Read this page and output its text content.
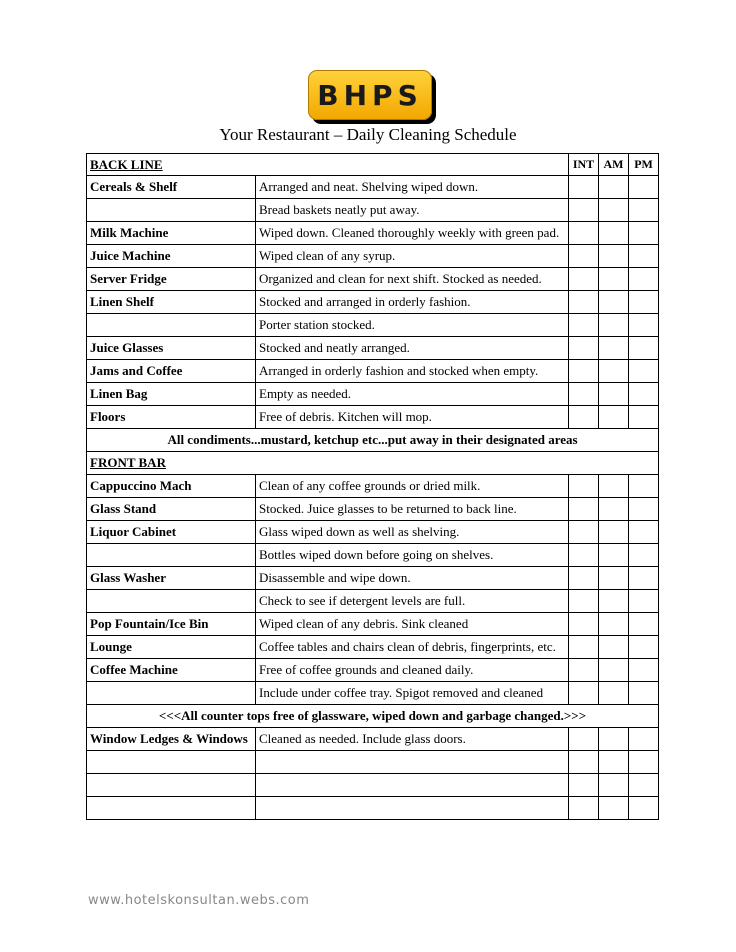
BHPS
Your Restaurant – Daily Cleaning Schedule
BACK LINE		INT	AM	PM
Cereals & Shelf	Arranged and neat. Shelving wiped down.			
	Bread baskets neatly put away.			
Milk Machine	Wiped down. Cleaned thoroughly weekly with green pad.			
Juice Machine	Wiped clean of any syrup.			
Server Fridge	Organized and clean for next shift. Stocked as needed.			
Linen Shelf	Stocked and arranged in orderly fashion.			
	Porter station stocked.			
Juice Glasses	Stocked and neatly arranged.			
Jams and Coffee	Arranged in orderly fashion and stocked when empty.			
Linen Bag	Empty as needed.			
Floors	Free of debris. Kitchen will mop.			
All condiments...mustard, ketchup etc...put away in their designated areas				
FRONT BAR				
Cappuccino Mach	Clean of any coffee grounds or dried milk.			
Glass Stand	Stocked. Juice glasses to be returned to back line.			
Liquor Cabinet	Glass wiped down as well as shelving.			
	Bottles wiped down before going on shelves.			
Glass Washer	Disassemble and wipe down.			
	Check to see if detergent levels are full.			
Pop Fountain/Ice Bin	Wiped clean of any debris. Sink cleaned			
Lounge	Coffee tables and chairs clean of debris, fingerprints, etc.			
Coffee Machine	Free of coffee grounds and cleaned daily.			
	Include under coffee tray. Spigot removed and cleaned			
<<<All counter tops free of glassware, wiped down and garbage changed.>>>				
Window Ledges & Windows	Cleaned as needed. Include glass doors.			

www.hotelskonsultan.webs.com
